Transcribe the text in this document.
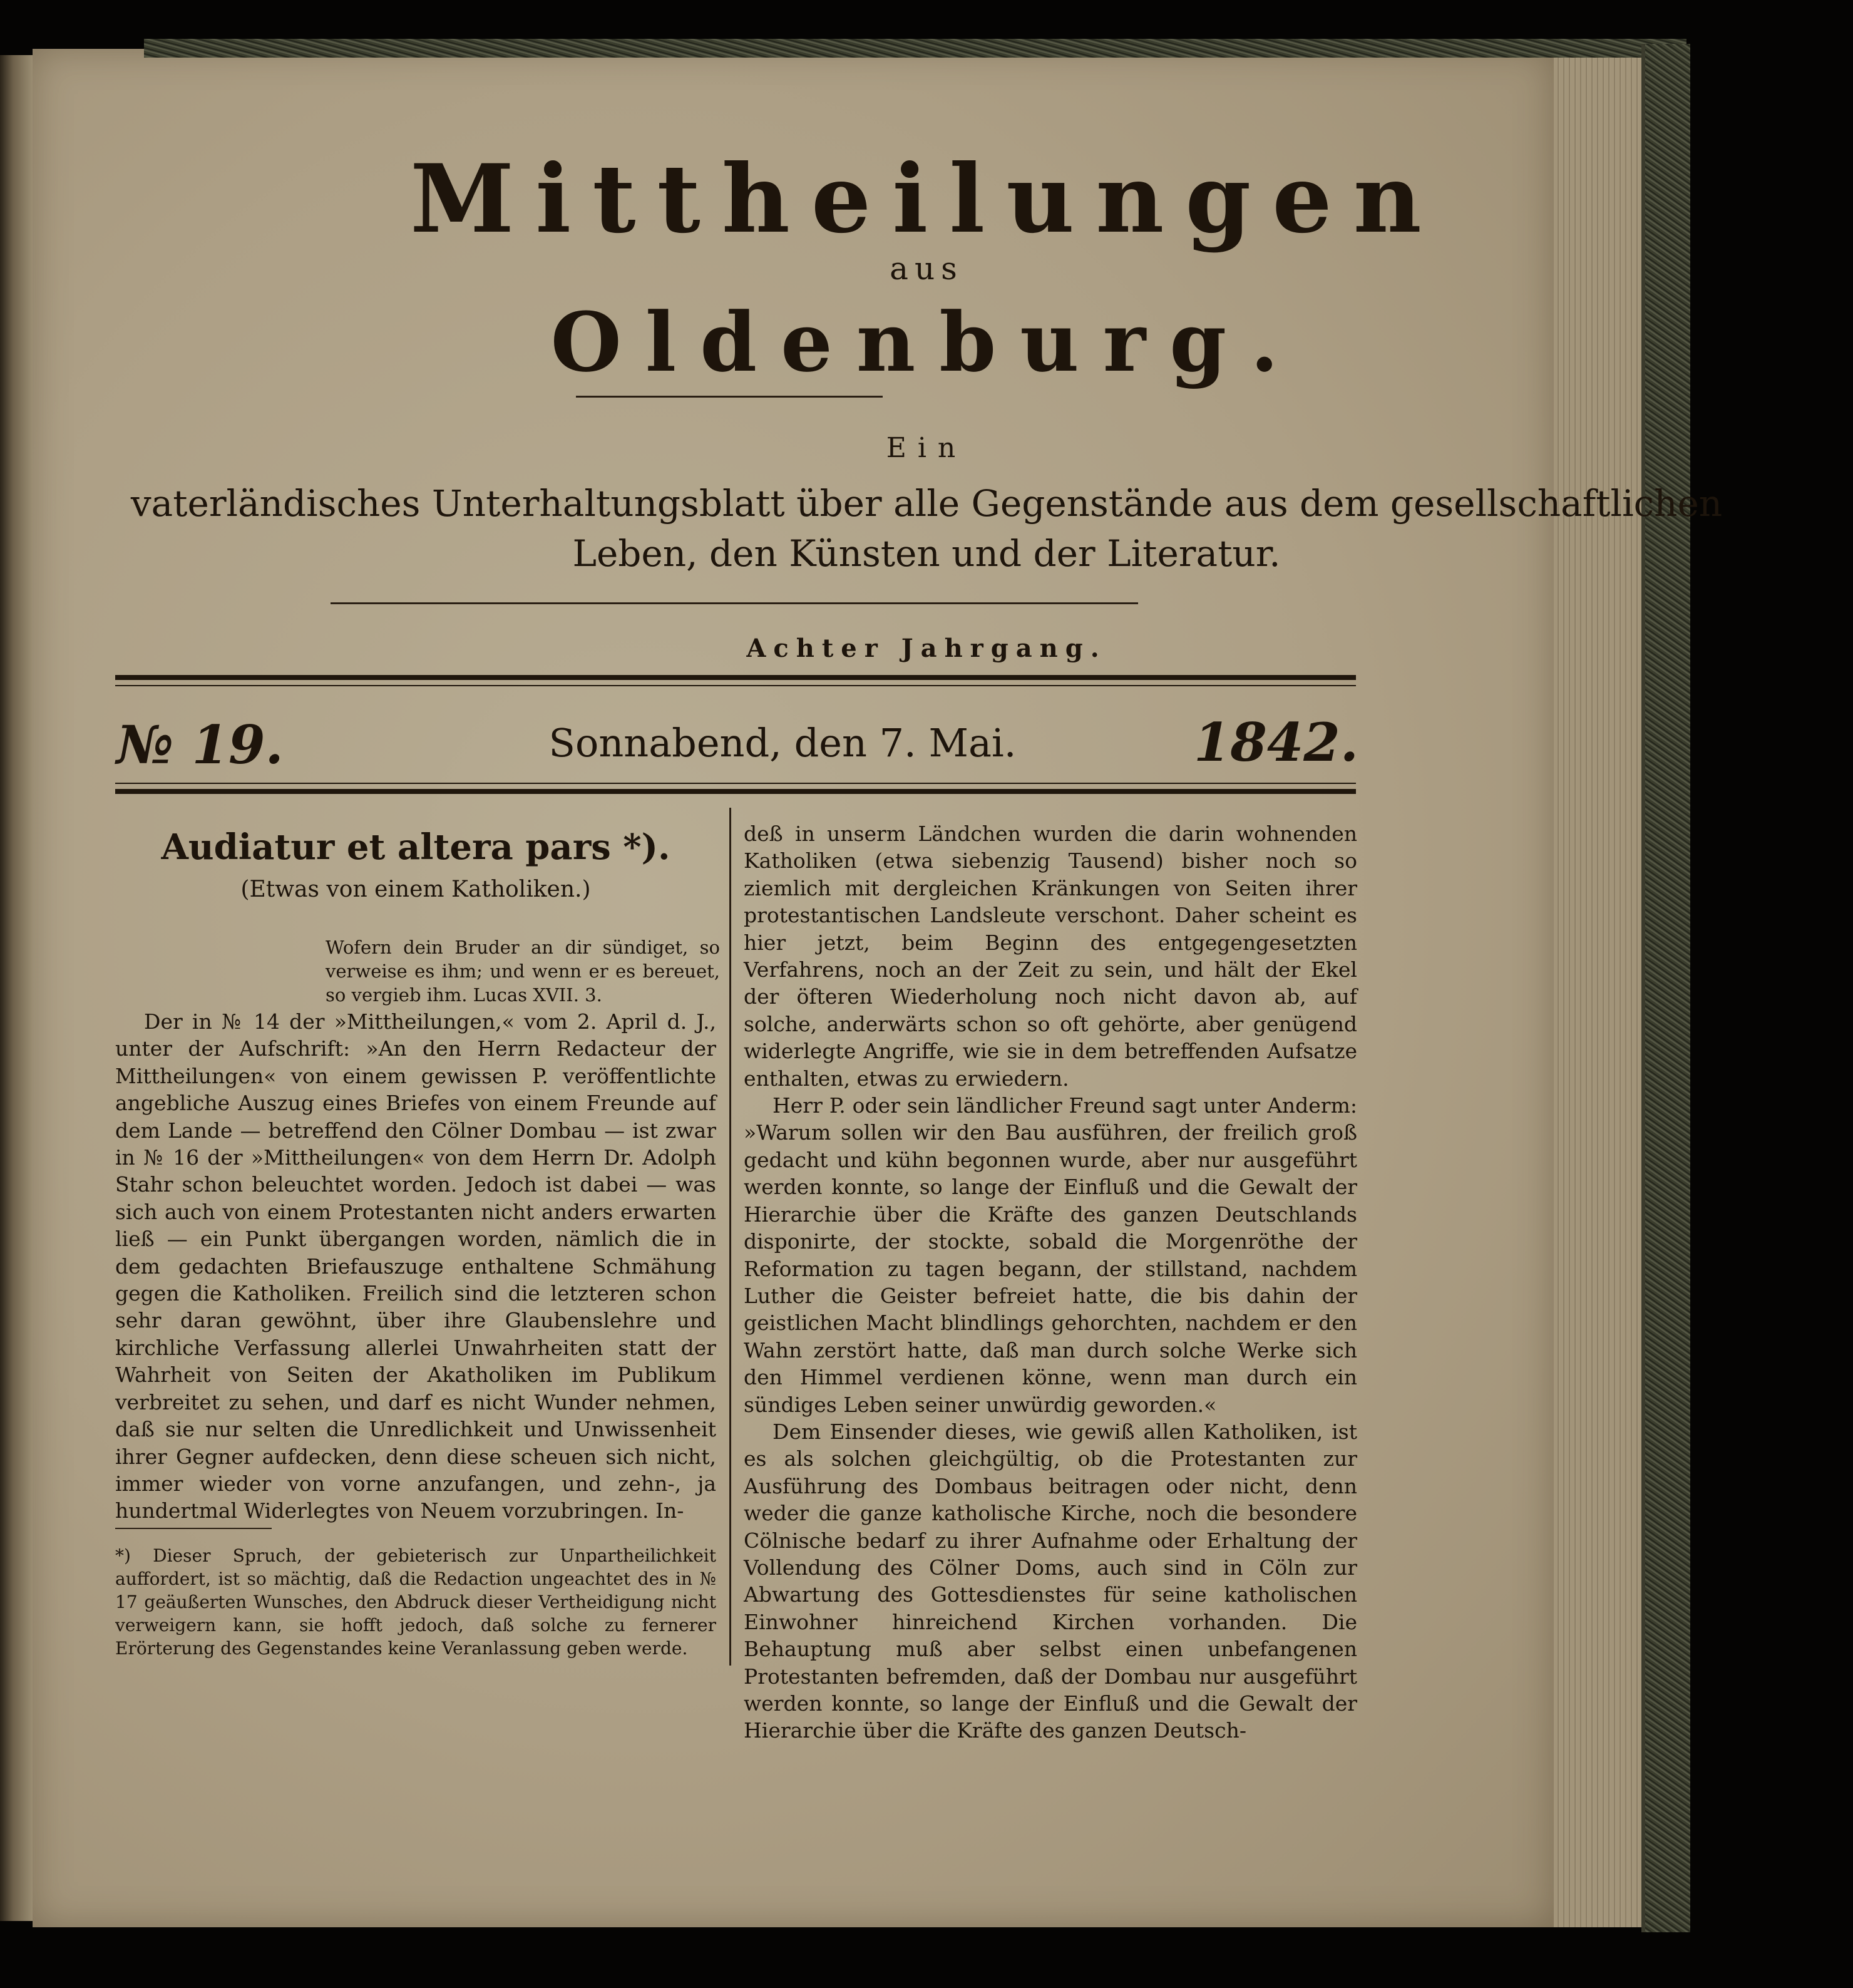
Mittheilungen
aus
Oldenburg.
Ein
vaterländisches Unterhaltungsblatt über alle Gegenstände aus dem gesellschaftlichen
Leben, den Künsten und der Literatur.
Achter Jahrgang.
№ 19.	Sonnabend, den 7. Mai.	1842.
Audiatur et altera pars *).
(Etwas von einem Katholiken.)
Wofern dein Bruder an dir sündiget, so verweise es ihm; und wenn er es bereuet, so vergieb ihm. Lucas XVII. 3.

Der in № 14 der »Mittheilungen,« vom 2. April d. J., unter der Aufschrift: »An den Herrn Redacteur der Mittheilungen« von einem gewissen P. veröffentlichte angebliche Auszug eines Briefes von einem Freunde auf dem Lande — betreffend den Cölner Dombau — ist zwar in № 16 der »Mittheilungen« von dem Herrn Dr. Adolph Stahr schon beleuchtet worden. Jedoch ist dabei — was sich auch von einem Protestanten nicht anders erwarten ließ — ein Punkt übergangen worden, nämlich die in dem gedachten Briefauszuge enthaltene Schmähung gegen die Katholiken. Freilich sind die letzteren schon sehr daran gewöhnt, über ihre Glaubenslehre und kirchliche Verfassung allerlei Unwahrheiten statt der Wahrheit von Seiten der Akatholiken im Publikum verbreitet zu sehen, und darf es nicht Wunder nehmen, daß sie nur selten die Unredlichkeit und Unwissenheit ihrer Gegner aufdecken, denn diese scheuen sich nicht, immer wieder von vorne anzufangen, und zehn-, ja hundertmal Widerlegtes von Neuem vorzubringen. In-

*) Dieser Spruch, der gebieterisch zur Unpartheilichkeit auffordert, ist so mächtig, daß die Redaction ungeachtet des in № 17 geäußerten Wunsches, den Abdruck dieser Vertheidigung nicht verweigern kann, sie hofft jedoch, daß solche zu fernerer Erörterung des Gegenstandes keine Veranlassung geben werde.

deß in unserm Ländchen wurden die darin wohnenden Katholiken (etwa siebenzig Tausend) bisher noch so ziemlich mit dergleichen Kränkungen von Seiten ihrer protestantischen Landsleute verschont. Daher scheint es hier jetzt, beim Beginn des entgegengesetzten Verfahrens, noch an der Zeit zu sein, und hält der Ekel der öfteren Wiederholung noch nicht davon ab, auf solche, anderwärts schon so oft gehörte, aber genügend widerlegte Angriffe, wie sie in dem betreffenden Aufsatze enthalten, etwas zu erwiedern.

Herr P. oder sein ländlicher Freund sagt unter Anderm: »Warum sollen wir den Bau ausführen, der freilich groß gedacht und kühn begonnen wurde, aber nur ausgeführt werden konnte, so lange der Einfluß und die Gewalt der Hierarchie über die Kräfte des ganzen Deutschlands disponirte, der stockte, sobald die Morgenröthe der Reformation zu tagen begann, der stillstand, nachdem Luther die Geister befreiet hatte, die bis dahin der geistlichen Macht blindlings gehorchten, nachdem er den Wahn zerstört hatte, daß man durch solche Werke sich den Himmel verdienen könne, wenn man durch ein sündiges Leben seiner unwürdig geworden.«

Dem Einsender dieses, wie gewiß allen Katholiken, ist es als solchen gleichgültig, ob die Protestanten zur Ausführung des Dombaus beitragen oder nicht, denn weder die ganze katholische Kirche, noch die besondere Cölnische bedarf zu ihrer Aufnahme oder Erhaltung der Vollendung des Cölner Doms, auch sind in Cöln zur Abwartung des Gottesdienstes für seine katholischen Einwohner hinreichend Kirchen vorhanden. Die Behauptung muß aber selbst einen unbefangenen Protestanten befremden, daß der Dombau nur ausgeführt werden konnte, so lange der Einfluß und die Gewalt der Hierarchie über die Kräfte des ganzen Deutsch-
